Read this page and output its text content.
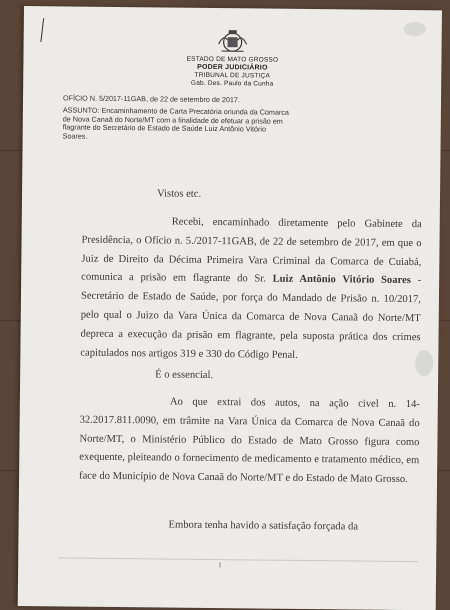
ESTADO DE MATO GROSSO
PODER JUDICIÁRIO
TRIBUNAL DE JUSTIÇA
Gab. Des. Paulo da Cunha
OFÍCIO N. 5/2017-11GAB, de 22 de setembro de 2017.
ASSUNTO: Encaminhamento de Carta Precatória oriunda da Comarca
de Nova Canaã do Norte/MT com a finalidade de efetuar a prisão em
flagrante do Secretário de Estado de Saúde Luiz Antônio Vitório
Soares.
Vistos etc.

Recebi, encaminhado diretamente pelo Gabinete da Presidência, o Ofício n. 5./2017-11GAB, de 22 de setembro de 2017, em que o Juiz de Direito da Décima Primeira Vara Criminal da Comarca de Cuiabá, comunica a prisão em flagrante do Sr. Luiz Antônio Vitório Soares - Secretário de Estado de Saúde, por força do Mandado de Prisão n. 10/2017, pelo qual o Juizo da Vara Única da Comarca de Nova Canaã do Norte/MT depreca a execução da prisão em flagrante, pela suposta prática dos crimes capitulados nos artigos 319 e 330 do Código Penal.

É o essencial.

Ao que extrai dos autos, na ação civel n. 14-32.2017.811.0090, em trâmite na Vara Única da Comarca de Nova Canaã do Norte/MT, o Ministério Público do Estado de Mato Grosso figura como exequente, pleiteando o fornecimento de medicamento e tratamento médico, em face do Município de Nova Canaã do Norte/MT e do Estado de Mato Grosso.

Embora tenha havido a satisfação forçada da

1
